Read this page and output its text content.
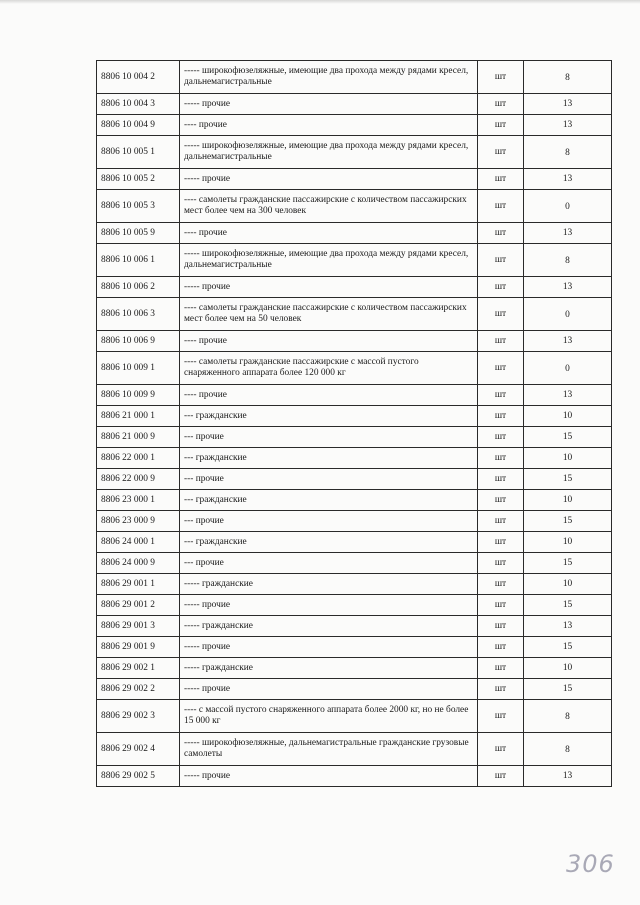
8806 10 004 2	----- широкофюзеляжные, имеющие два прохода между рядами кресел, дальнемагистральные	шт	8
8806 10 004 3	----- прочие	шт	13
8806 10 004 9	---- прочие	шт	13
8806 10 005 1	----- широкофюзеляжные, имеющие два прохода между рядами кресел, дальнемагистральные	шт	8
8806 10 005 2	----- прочие	шт	13
8806 10 005 3	---- самолеты гражданские пассажирские с количеством пассажирских мест более чем на 300 человек	шт	0
8806 10 005 9	---- прочие	шт	13
8806 10 006 1	----- широкофюзеляжные, имеющие два прохода между рядами кресел, дальнемагистральные	шт	8
8806 10 006 2	----- прочие	шт	13
8806 10 006 3	---- самолеты гражданские пассажирские с количеством пассажирских мест более чем на 50 человек	шт	0
8806 10 006 9	---- прочие	шт	13
8806 10 009 1	---- самолеты гражданские пассажирские с массой пустого снаряженного аппарата более 120 000 кг	шт	0
8806 10 009 9	---- прочие	шт	13
8806 21 000 1	--- гражданские	шт	10
8806 21 000 9	--- прочие	шт	15
8806 22 000 1	--- гражданские	шт	10
8806 22 000 9	--- прочие	шт	15
8806 23 000 1	--- гражданские	шт	10
8806 23 000 9	--- прочие	шт	15
8806 24 000 1	--- гражданские	шт	10
8806 24 000 9	--- прочие	шт	15
8806 29 001 1	----- гражданские	шт	10
8806 29 001 2	----- прочие	шт	15
8806 29 001 3	----- гражданские	шт	13
8806 29 001 9	----- прочие	шт	15
8806 29 002 1	----- гражданские	шт	10
8806 29 002 2	----- прочие	шт	15
8806 29 002 3	---- с массой пустого снаряженного аппарата более 2000 кг, но не более 15 000 кг	шт	8
8806 29 002 4	----- широкофюзеляжные, дальнемагистральные гражданские грузовые самолеты	шт	8
8806 29 002 5	----- прочие	шт	13
306
